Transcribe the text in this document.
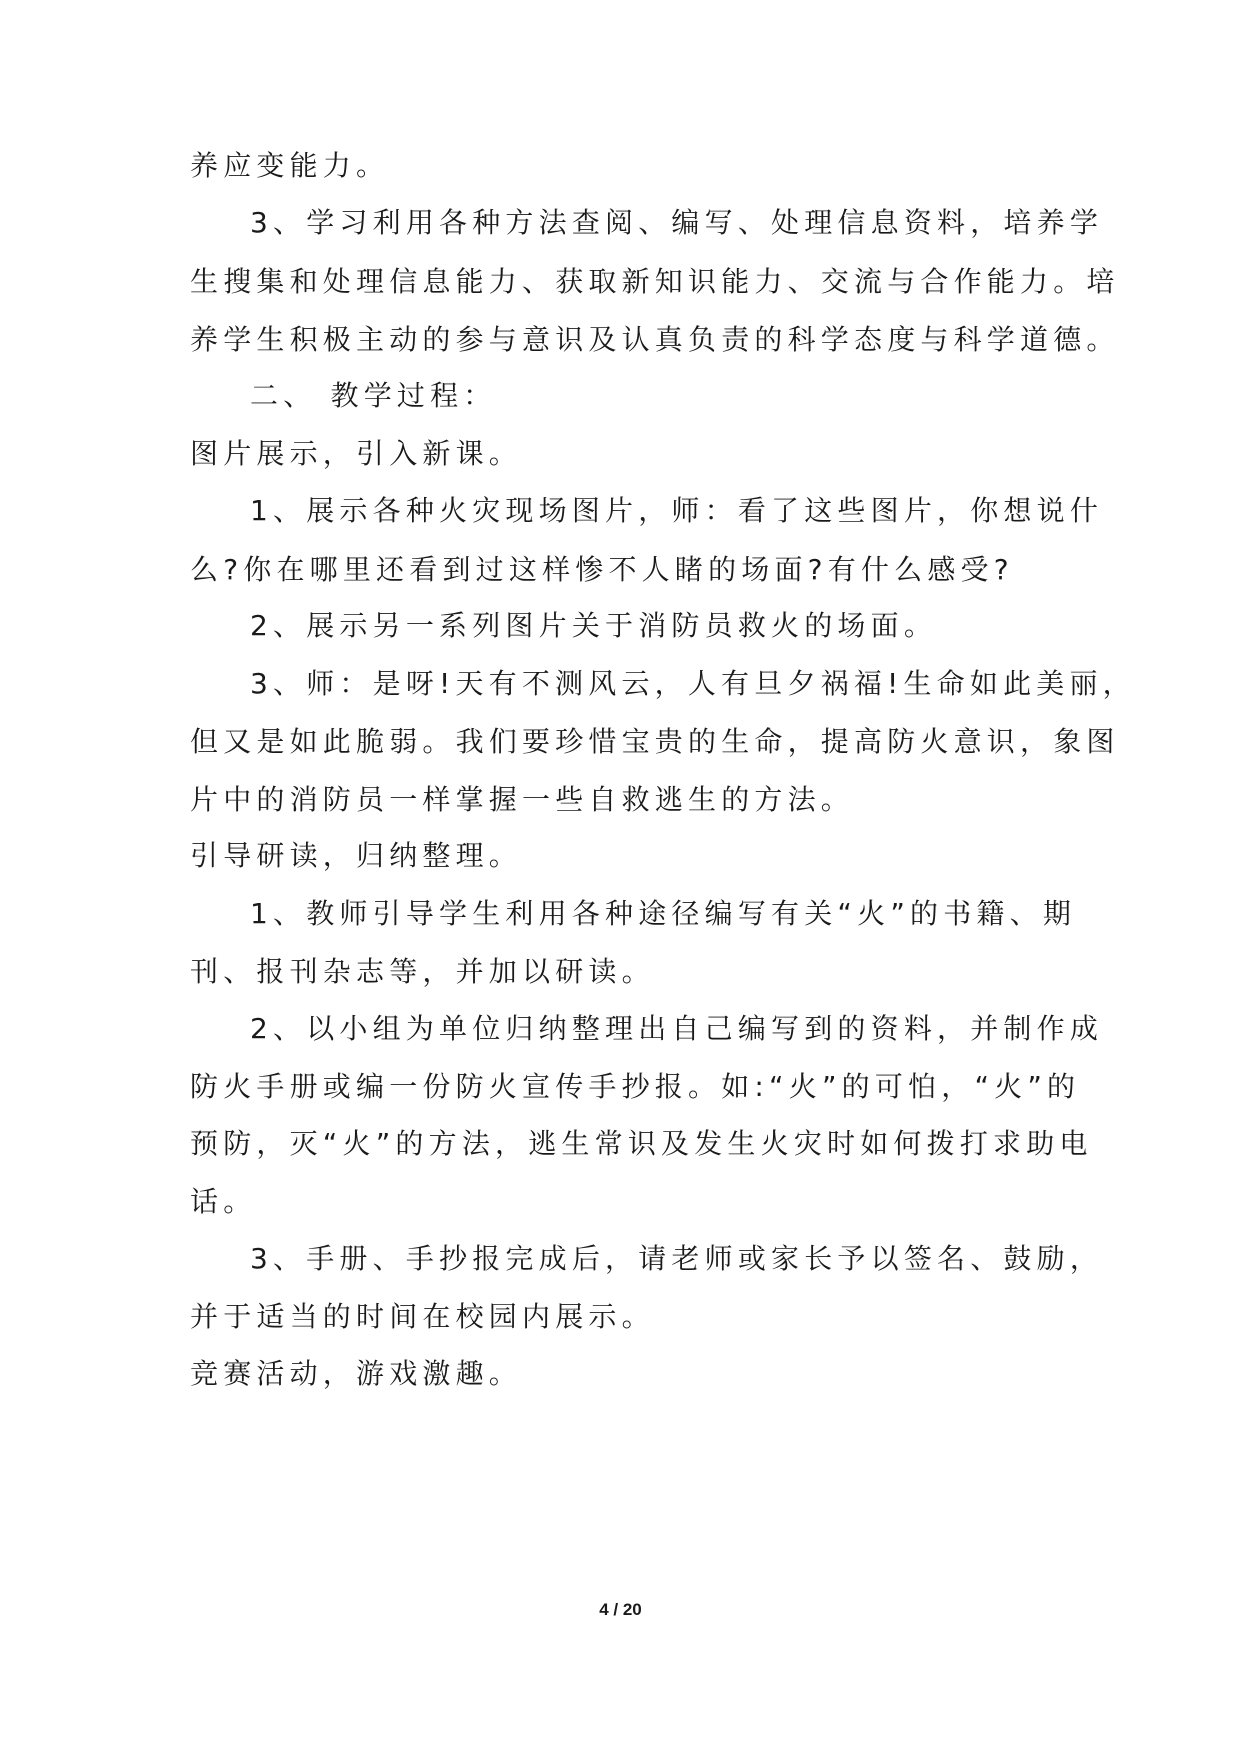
养应变能力。
3、学习利用各种方法查阅、编写、处理信息资料，培养学
生搜集和处理信息能力、获取新知识能力、交流与合作能力。培
养学生积极主动的参与意识及认真负责的科学态度与科学道德。
二、 教学过程：
图片展示，引入新课。
1、展示各种火灾现场图片，师：看了这些图片，你想说什
么?你在哪里还看到过这样惨不人睹的场面?有什么感受?
2、展示另一系列图片关于消防员救火的场面。
3、师：是呀!天有不测风云，人有旦夕祸福!生命如此美丽，
但又是如此脆弱。我们要珍惜宝贵的生命，提高防火意识，象图
片中的消防员一样掌握一些自救逃生的方法。
引导研读，归纳整理。
1、教师引导学生利用各种途径编写有关“火”的书籍、期
刊、报刊杂志等，并加以研读。
2、以小组为单位归纳整理出自己编写到的资料，并制作成
防火手册或编一份防火宣传手抄报。如:“火”的可怕，“火”的
预防，灭“火”的方法，逃生常识及发生火灾时如何拨打求助电
话。
3、手册、手抄报完成后，请老师或家长予以签名、鼓励，
并于适当的时间在校园内展示。
竞赛活动，游戏激趣。
4 / 20
